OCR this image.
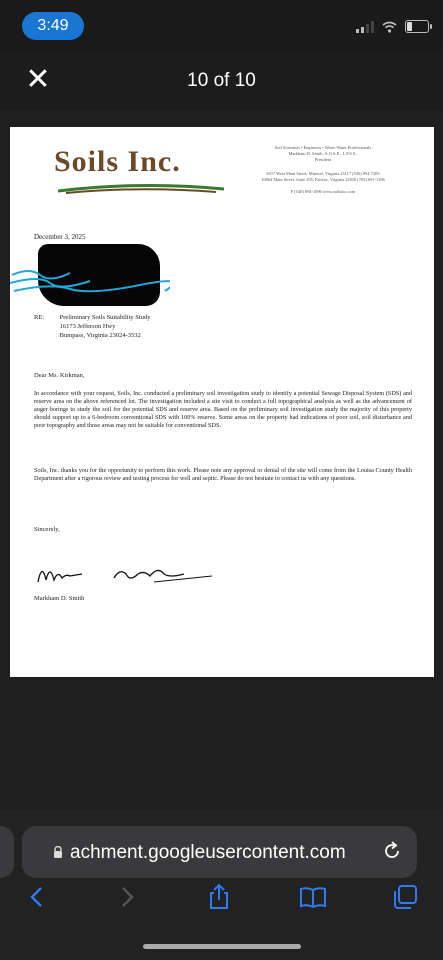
3:49
✕	10 of 10
Soils Inc.	Soil Scientists • Engineers • Waste Water Professionals
Markham D. Smith, A.O.S.E., L.P.S.S.,
President
6317 West Main Street, Mineral, Virginia 23117 (540) 894-7205
10864 Main Street, Suite 205, Fairfax, Virginia 22030 (703) 691-1396
F (540) 894-1096 www.soilsinc.com
December 3, 2025
RE: Preliminary Soils Suitability Study
16173 Jefferson Hwy
Bumpass, Virginia 23024-3532
Dear Ms. Kirkman,
In accordance with your request, Soils, Inc. conducted a preliminary soil investigation study to identify a potential Sewage Disposal System (SDS) and reserve area on the above referenced lot. The investigation included a site visit to conduct a full topographical analysis as well as the advancement of auger borings to study the soil for the potential SDS and reserve area. Based on the preliminary soil investigation study the majority of this property should support up to a 6-bedroom conventional SDS with 100% reserve. Some areas on the property had indications of poor soil, soil disturbance and poor topography and those areas may not be suitable for conventional SDS.
Soils, Inc. thanks you for the opportunity to perform this work. Please note any approval or denial of the site will come from the Louisa County Health Department after a rigorous review and testing process for well and septic. Please do not hesitate to contact us with any questions.
Sincerely,
Markham D. Smith
achment.googleusercontent.com
